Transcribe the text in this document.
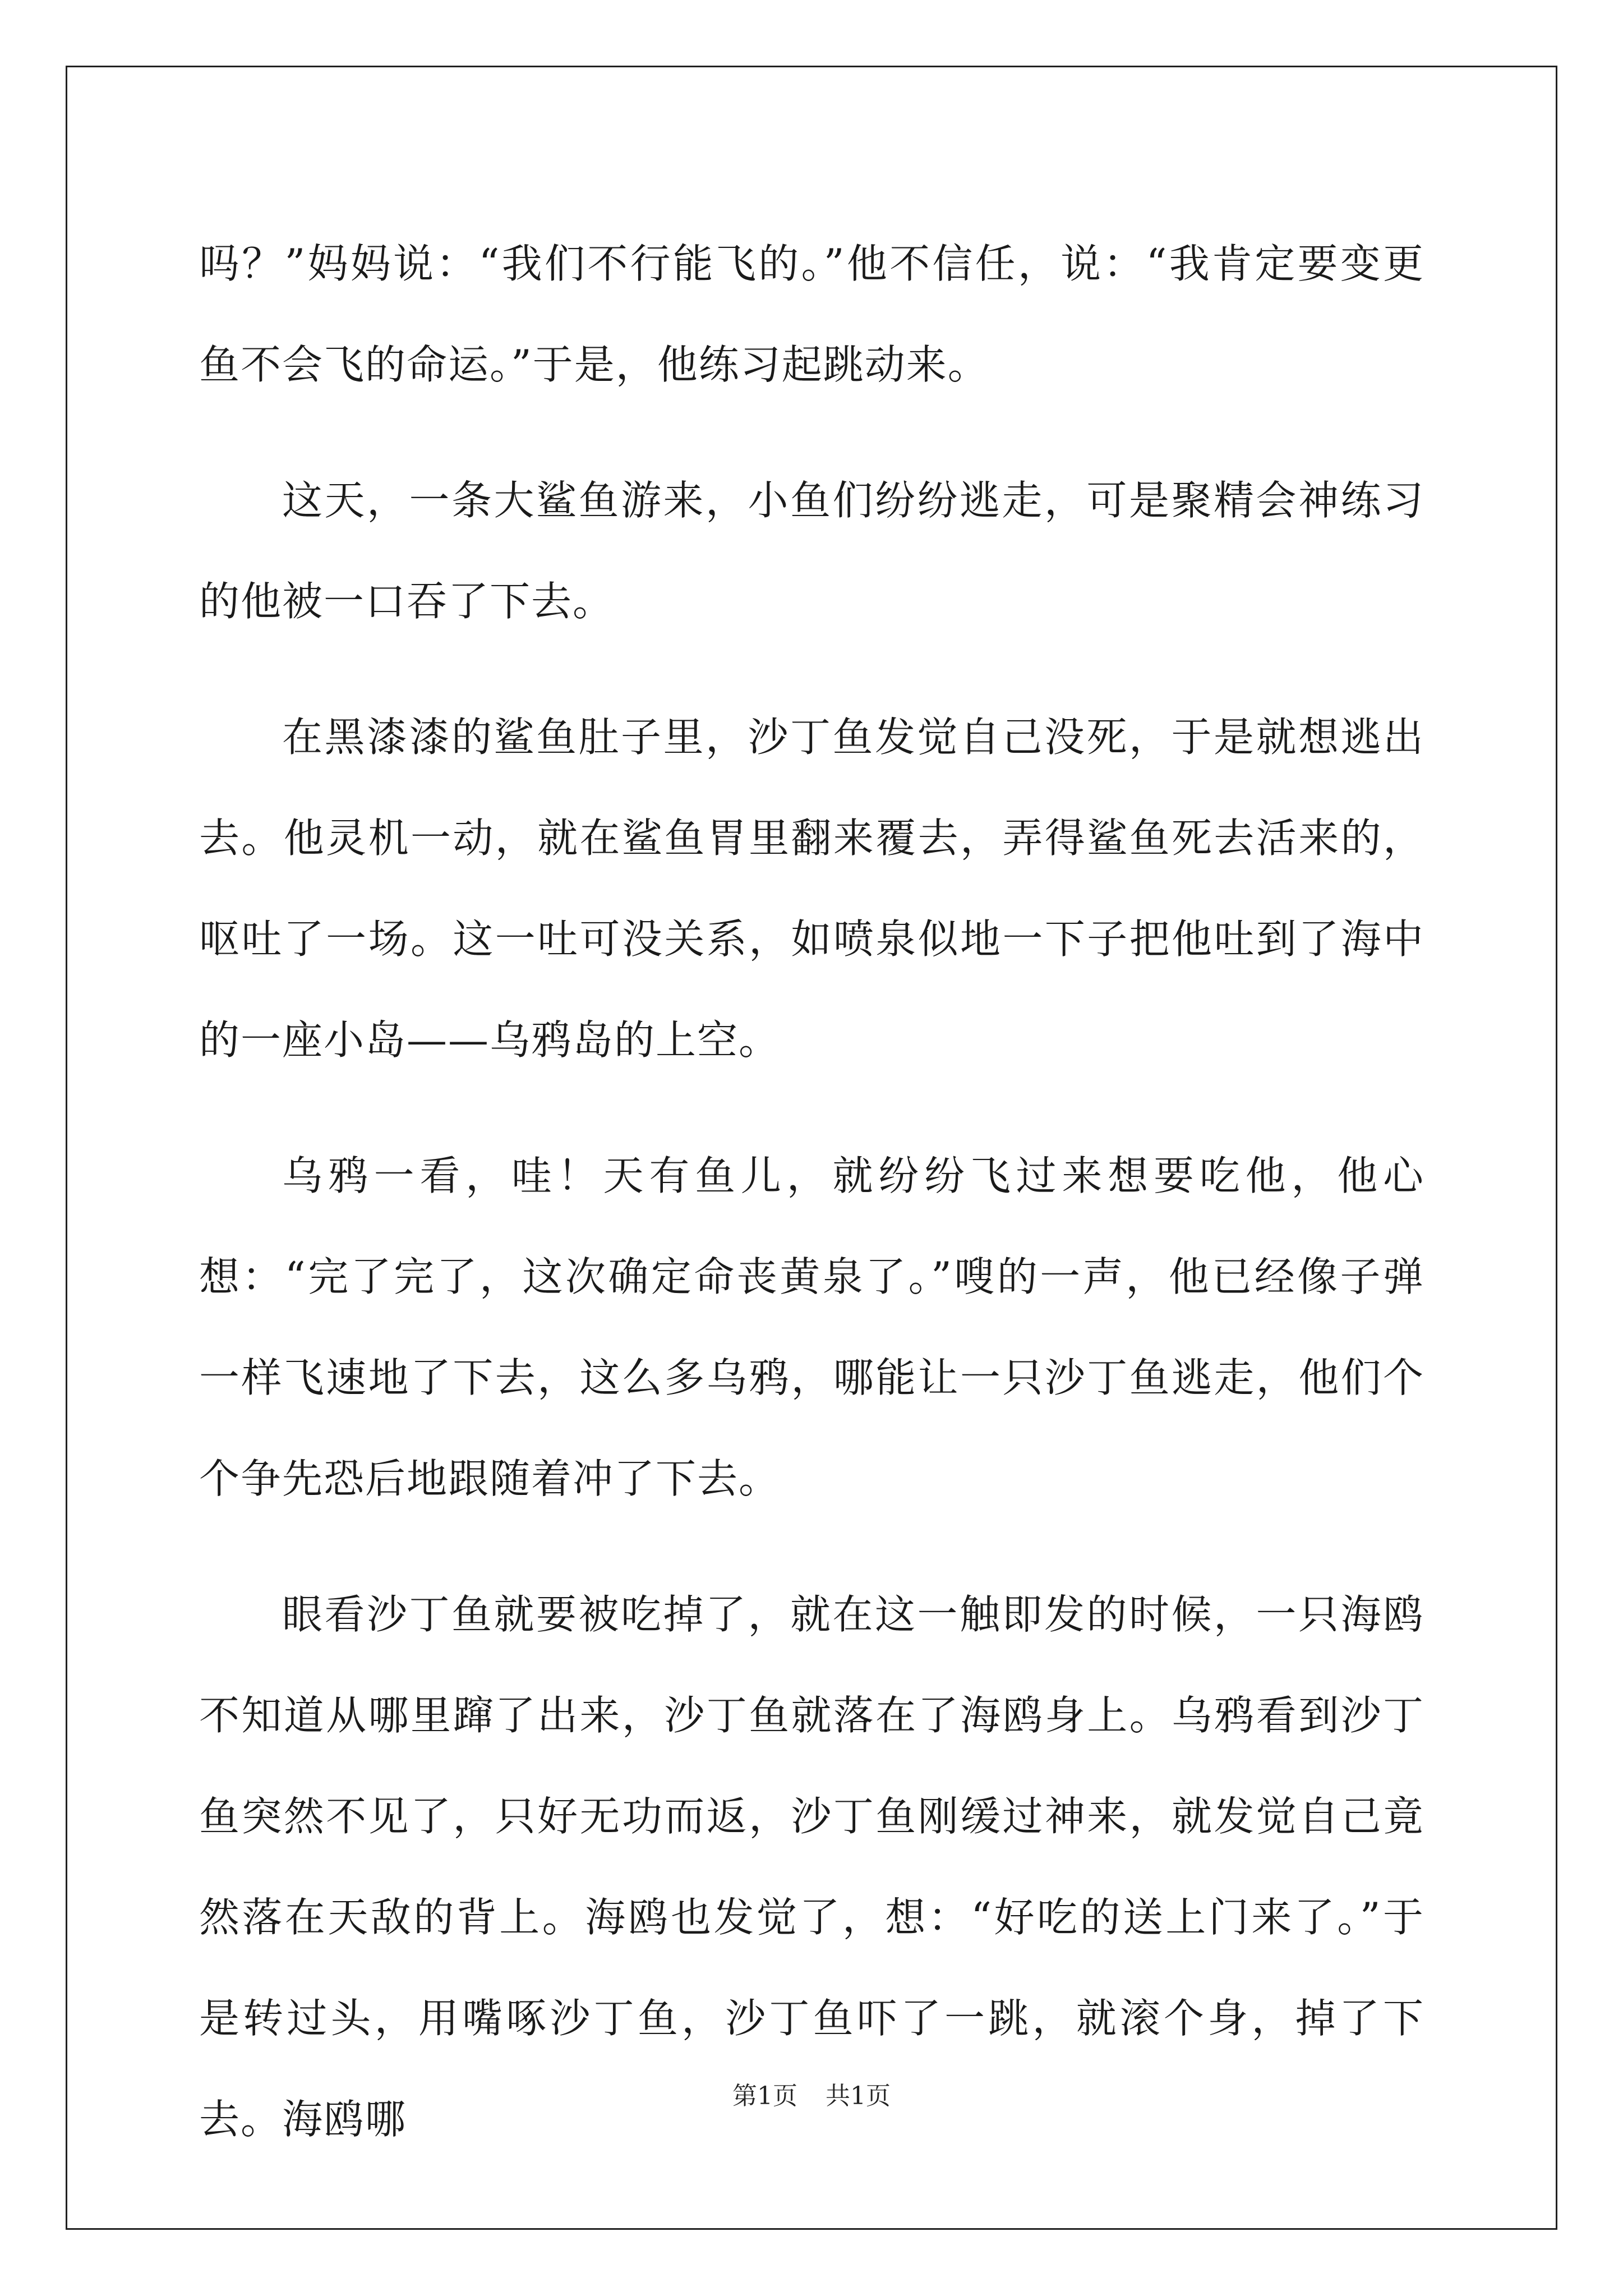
吗？”妈妈说：“我们不行能飞的。”他不信任，说：“我肯定要变更鱼不会飞的命运。”于是，他练习起跳动来。

这天，一条大鲨鱼游来，小鱼们纷纷逃走，可是聚精会神练习的他被一口吞了下去。

在黑漆漆的鲨鱼肚子里，沙丁鱼发觉自己没死，于是就想逃出去。他灵机一动，就在鲨鱼胃里翻来覆去，弄得鲨鱼死去活来的，呕吐了一场。这一吐可没关系，如喷泉似地一下子把他吐到了海中的一座小岛——乌鸦岛的上空。

乌鸦一看，哇！天有鱼儿，就纷纷飞过来想要吃他，他心想：“完了完了，这次确定命丧黄泉了。”嗖的一声，他已经像子弹一样飞速地了下去，这么多乌鸦，哪能让一只沙丁鱼逃走，他们个个争先恐后地跟随着冲了下去。

眼看沙丁鱼就要被吃掉了，就在这一触即发的时候，一只海鸥不知道从哪里蹿了出来，沙丁鱼就落在了海鸥身上。乌鸦看到沙丁鱼突然不见了，只好无功而返，沙丁鱼刚缓过神来，就发觉自己竟然落在天敌的背上。海鸥也发觉了，想：“好吃的送上门来了。”于是转过头，用嘴啄沙丁鱼，沙丁鱼吓了一跳，就滚个身，掉了下去。海鸥哪	第1页 共1页
